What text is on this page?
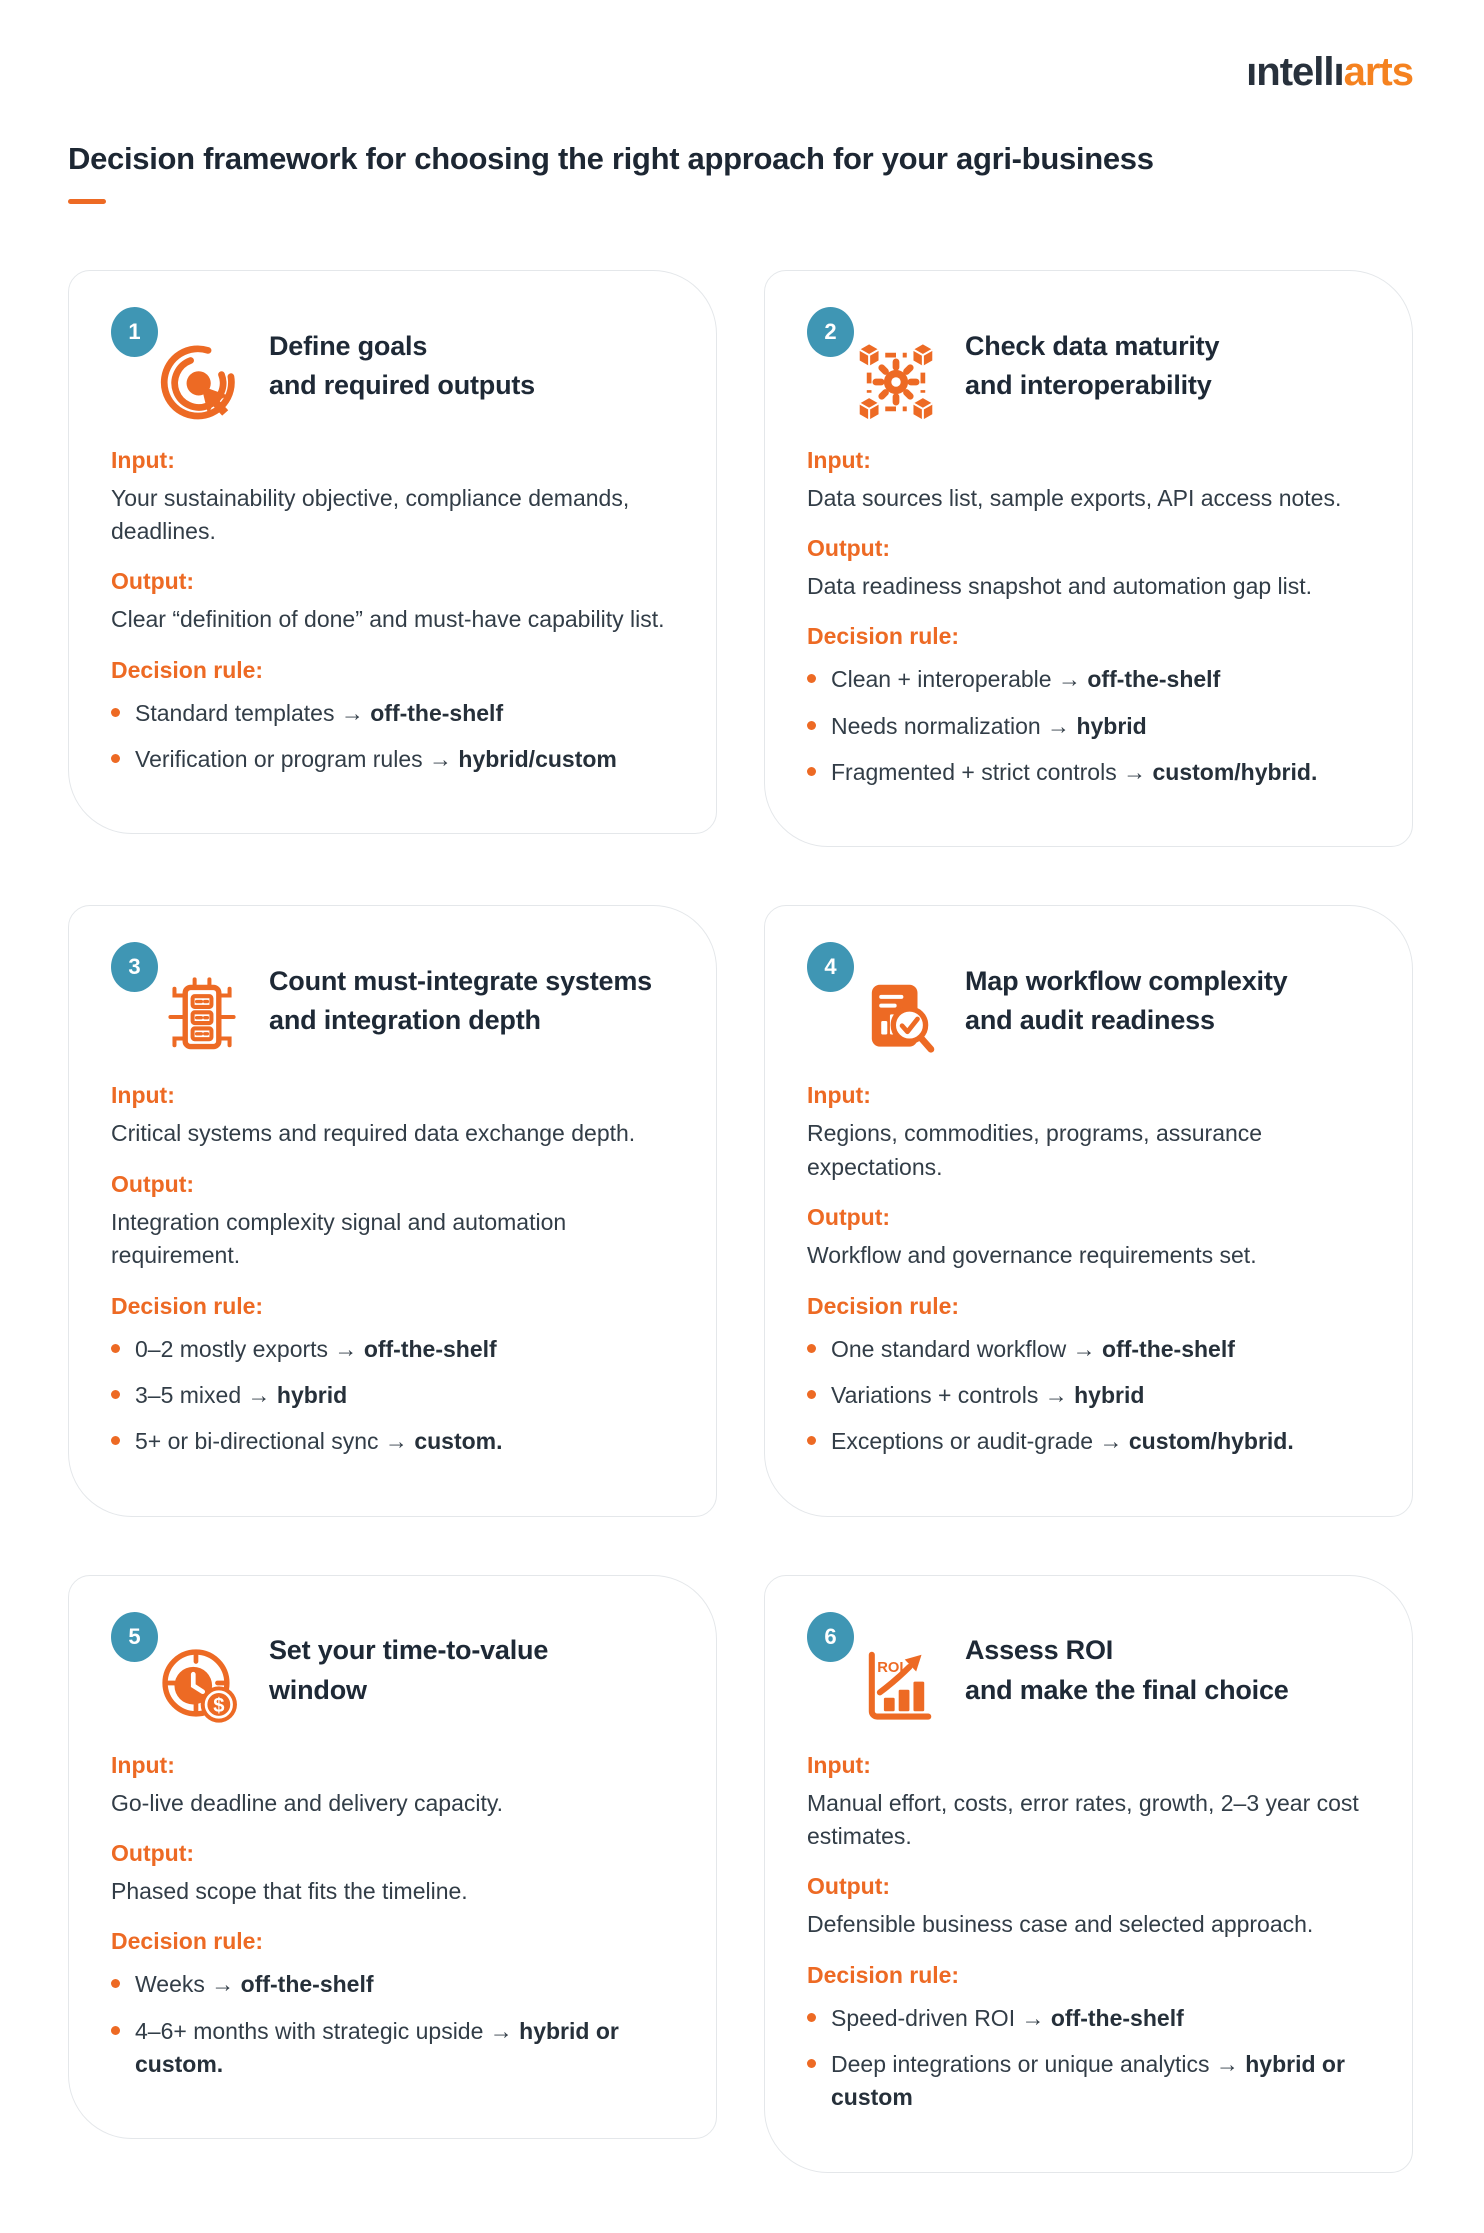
ıntellıarts
Decision framework for choosing the right approach for your agri-business
1	Define goals
and required outputs
Input:

Your sustainability objective, compliance demands, deadlines.

Output:

Clear “definition of done” and must-have capability list.

Decision rule:

Standard templates → off-the-shelf

Verification or program rules → hybrid/custom

2	Check data maturity
and interoperability
Input:

Data sources list, sample exports, API access notes.

Output:

Data readiness snapshot and automation gap list.

Decision rule:

Clean + interoperable → off-the-shelf

Needs normalization → hybrid

Fragmented + strict controls → custom/hybrid.

3	Count must-integrate systems
and integration depth
Input:

Critical systems and required data exchange depth.

Output:

Integration complexity signal and automation requirement.

Decision rule:

0–2 mostly exports → off-the-shelf

3–5 mixed → hybrid

5+ or bi-directional sync → custom.

4	Map workflow complexity
and audit readiness
Input:

Regions, commodities, programs, assurance expectations.

Output:

Workflow and governance requirements set.

Decision rule:

One standard workflow → off-the-shelf

Variations + controls → hybrid

Exceptions or audit-grade → custom/hybrid.

5
$
Set your time-to-value
window
Input:

Go-live deadline and delivery capacity.

Output:

Phased scope that fits the timeline.

Decision rule:

Weeks → off-the-shelf

4–6+ months with strategic upside → hybrid or custom.

6
ROI
Assess ROI
and make the final choice
Input:

Manual effort, costs, error rates, growth, 2–3 year cost estimates.

Output:

Defensible business case and selected approach.

Decision rule:

Speed-driven ROI → off-the-shelf

Deep integrations or unique analytics → hybrid or custom
